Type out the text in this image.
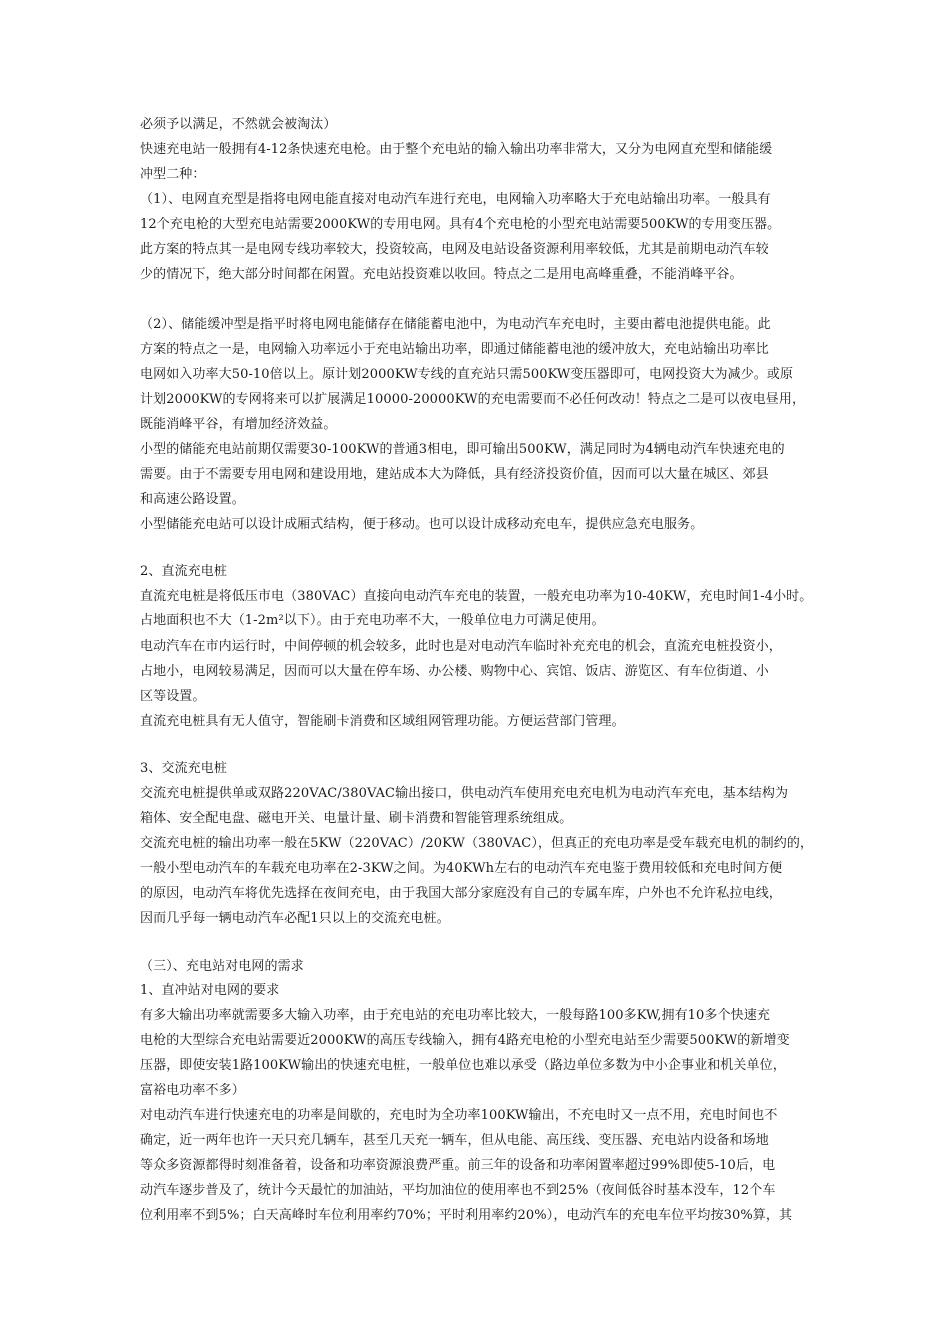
必须予以满足，不然就会被淘汰）
快速充电站一般拥有4-12条快速充电枪。由于整个充电站的输入输出功率非常大，又分为电网直充型和储能缓
冲型二种：
（1）、电网直充型是指将电网电能直接对电动汽车进行充电，电网输入功率略大于充电站输出功率。一般具有
12个充电枪的大型充电站需要2000KW的专用电网。具有4个充电枪的小型充电站需要500KW的专用变压器。
此方案的特点其一是电网专线功率较大，投资较高，电网及电站设备资源利用率较低，尤其是前期电动汽车较
少的情况下，绝大部分时间都在闲置。充电站投资难以收回。特点之二是用电高峰重叠，不能消峰平谷。
（2）、储能缓冲型是指平时将电网电能储存在储能蓄电池中，为电动汽车充电时，主要由蓄电池提供电能。此
方案的特点之一是，电网输入功率远小于充电站输出功率，即通过储能蓄电池的缓冲放大，充电站输出功率比
电网如入功率大50-10倍以上。原计划2000KW专线的直充站只需500KW变压器即可，电网投资大为减少。或原
计划2000KW的专网将来可以扩展满足10000-20000KW的充电需要而不必任何改动！特点之二是可以夜电昼用，
既能消峰平谷，有增加经济效益。
小型的储能充电站前期仅需要30-100KW的普通3相电，即可输出500KW，满足同时为4辆电动汽车快速充电的
需要。由于不需要专用电网和建设用地，建站成本大为降低，具有经济投资价值，因而可以大量在城区、郊县
和高速公路设置。
小型储能充电站可以设计成厢式结构，便于移动。也可以设计成移动充电车，提供应急充电服务。
2、直流充电桩
直流充电桩是将低压市电（380VAC）直接向电动汽车充电的装置，一般充电功率为10-40KW，充电时间1-4小时。
占地面积也不大（1-2m²以下）。由于充电功率不大，一般单位电力可满足使用。
电动汽车在市内运行时，中间停顿的机会较多，此时也是对电动汽车临时补充充电的机会，直流充电桩投资小，
占地小，电网较易满足，因而可以大量在停车场、办公楼、购物中心、宾馆、饭店、游览区、有车位街道、小
区等设置。
直流充电桩具有无人值守，智能刷卡消费和区域组网管理功能。方便运营部门管理。
3、交流充电桩
交流充电桩提供单或双路220VAC/380VAC输出接口，供电动汽车使用充电充电机为电动汽车充电，基本结构为
箱体、安全配电盘、磁电开关、电量计量、刷卡消费和智能管理系统组成。
交流充电桩的输出功率一般在5KW（220VAC）/20KW（380VAC），但真正的充电功率是受车载充电机的制约的，
一般小型电动汽车的车载充电功率在2-3KW之间。为40KWh左右的电动汽车充电鉴于费用较低和充电时间方便
的原因，电动汽车将优先选择在夜间充电，由于我国大部分家庭没有自己的专属车库，户外也不允许私拉电线，
因而几乎每一辆电动汽车必配1只以上的交流充电桩。
（三）、充电站对电网的需求
1、直冲站对电网的要求
有多大输出功率就需要多大输入功率，由于充电站的充电功率比较大，一般每路100多KW,拥有10多个快速充
电枪的大型综合充电站需要近2000KW的高压专线输入，拥有4路充电枪的小型充电站至少需要500KW的新增变
压器，即使安装1路100KW输出的快速充电桩，一般单位也难以承受（路边单位多数为中小企事业和机关单位，
富裕电功率不多）
对电动汽车进行快速充电的功率是间歇的，充电时为全功率100KW输出，不充电时又一点不用，充电时间也不
确定，近一两年也许一天只充几辆车，甚至几天充一辆车，但从电能、高压线、变压器、充电站内设备和场地
等众多资源都得时刻准备着，设备和功率资源浪费严重。前三年的设备和功率闲置率超过99%即使5-10后，电
动汽车逐步普及了，统计今天最忙的加油站，平均加油位的使用率也不到25%（夜间低谷时基本没车，12个车
位利用率不到5%；白天高峰时车位利用率约70%；平时利用率约20%），电动汽车的充电车位平均按30%算，其
